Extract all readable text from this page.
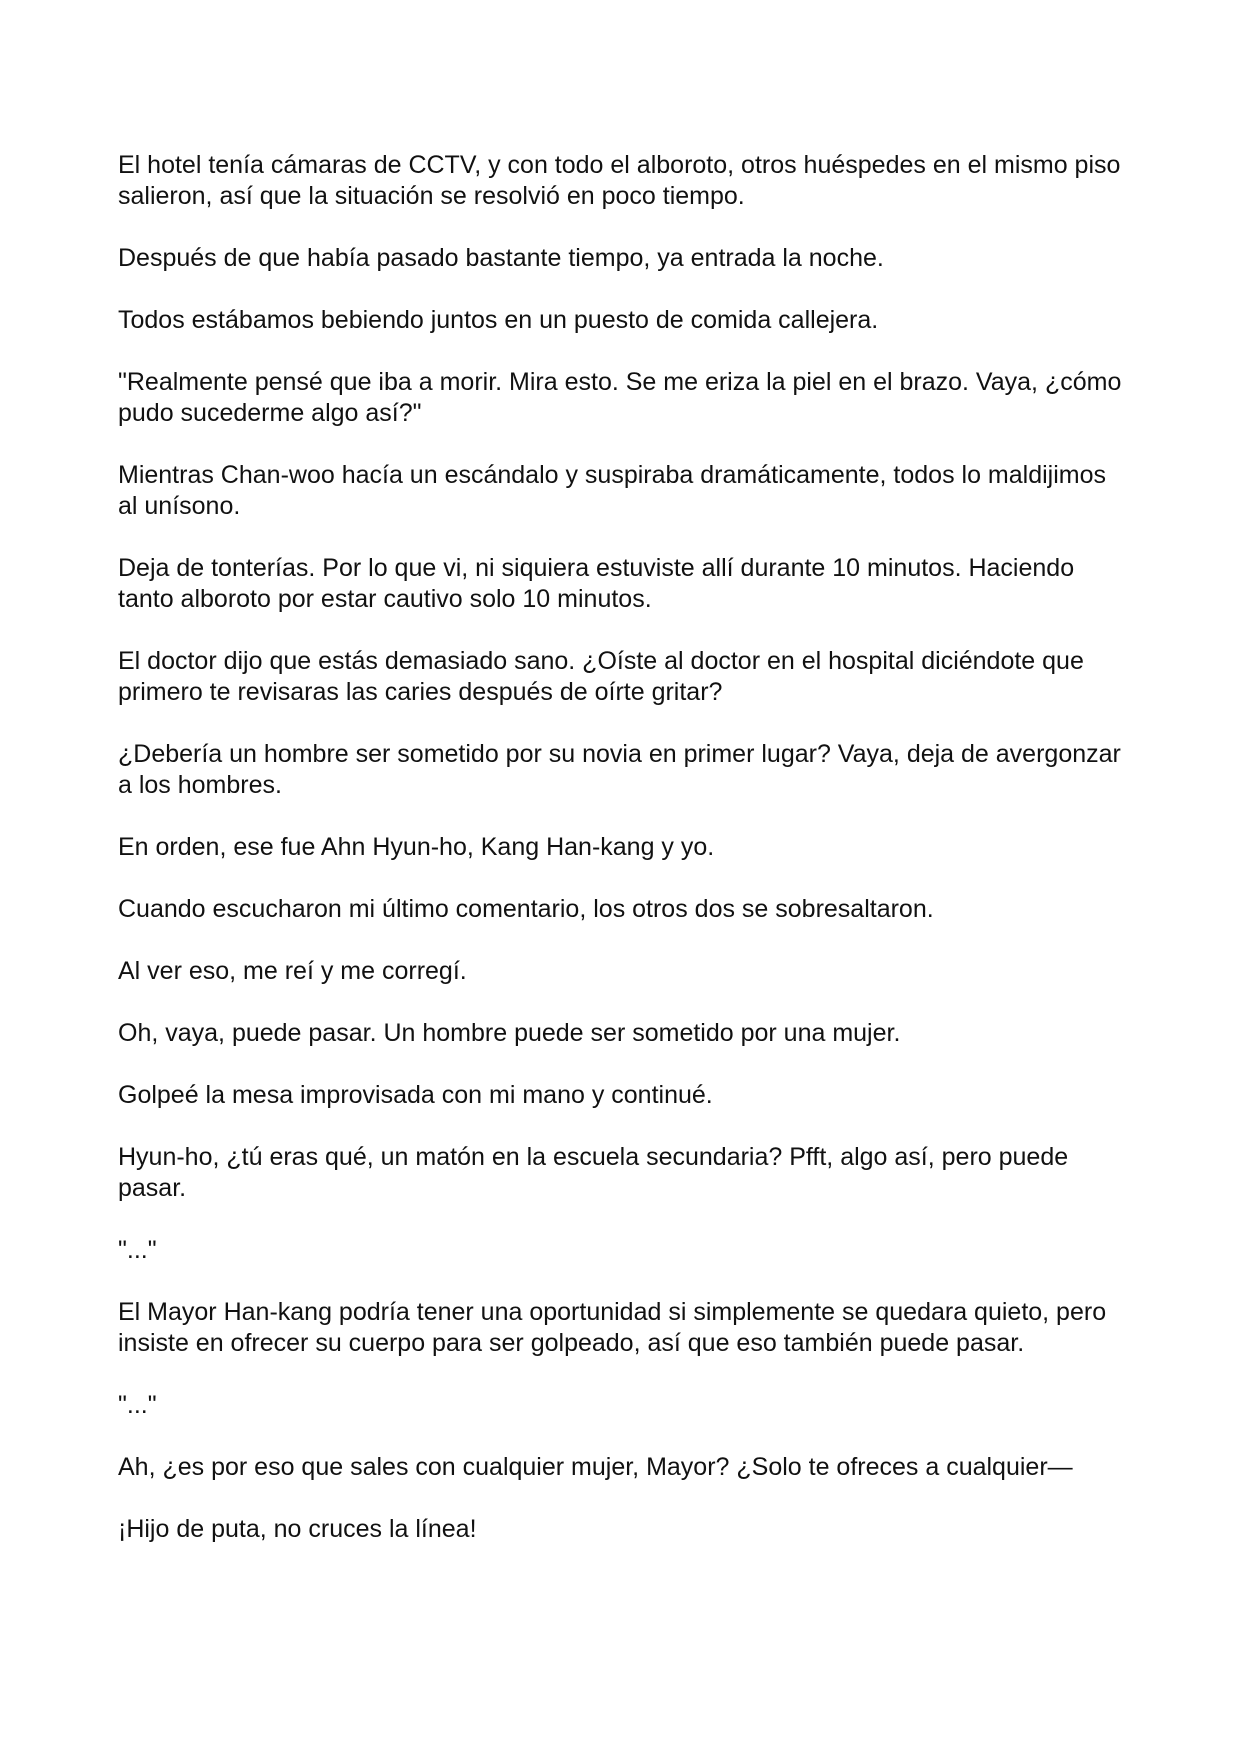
El hotel tenía cámaras de CCTV, y con todo el alboroto, otros huéspedes en el mismo piso salieron, así que la situación se resolvió en poco tiempo.

Después de que había pasado bastante tiempo, ya entrada la noche.

Todos estábamos bebiendo juntos en un puesto de comida callejera.

"Realmente pensé que iba a morir. Mira esto. Se me eriza la piel en el brazo. Vaya, ¿cómo pudo sucederme algo así?"

Mientras Chan-woo hacía un escándalo y suspiraba dramáticamente, todos lo maldijimos al unísono.

Deja de tonterías. Por lo que vi, ni siquiera estuviste allí durante 10 minutos. Haciendo tanto alboroto por estar cautivo solo 10 minutos.

El doctor dijo que estás demasiado sano. ¿Oíste al doctor en el hospital diciéndote que primero te revisaras las caries después de oírte gritar?

¿Debería un hombre ser sometido por su novia en primer lugar? Vaya, deja de avergonzar a los hombres.

En orden, ese fue Ahn Hyun-ho, Kang Han-kang y yo.

Cuando escucharon mi último comentario, los otros dos se sobresaltaron.

Al ver eso, me reí y me corregí.

Oh, vaya, puede pasar. Un hombre puede ser sometido por una mujer.

Golpeé la mesa improvisada con mi mano y continué.

Hyun-ho, ¿tú eras qué, un matón en la escuela secundaria? Pfft, algo así, pero puede pasar.

"..."

El Mayor Han-kang podría tener una oportunidad si simplemente se quedara quieto, pero insiste en ofrecer su cuerpo para ser golpeado, así que eso también puede pasar.

"..."

Ah, ¿es por eso que sales con cualquier mujer, Mayor? ¿Solo te ofreces a cualquier—

¡Hijo de puta, no cruces la línea!
